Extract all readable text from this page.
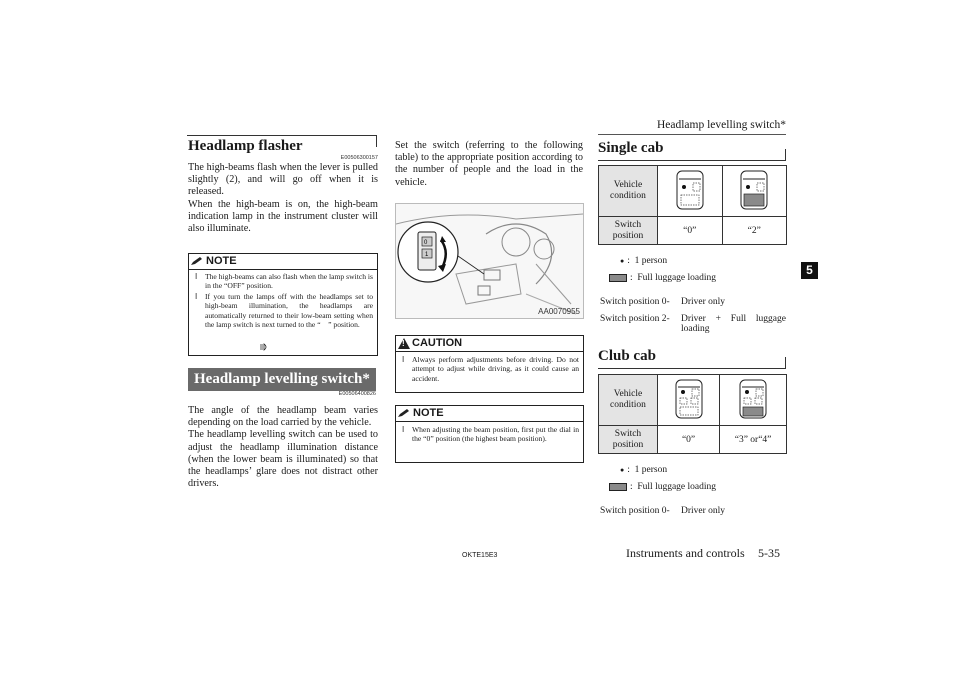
Headlamp levelling switch*
5
Headlamp flasher
E00506300157
The high-beams flash when the lever is pulled slightly (2), and will go off when it is released.
When the high-beam is on, the high-beam indication lamp in the instrument cluster will also illuminate.
NOTE
l	The high-beams can also flash when the lamp switch is in the “OFF” position.
l	If you turn the lamps off with the headlamps set to high-beam illumination, the headlamps are automatically returned to their low-beam setting when the lamp switch is next turned to the “ ” position.
Headlamp levelling switch*
E00506400826
The angle of the headlamp beam varies depending on the load carried by the vehicle.
The headlamp levelling switch can be used to adjust the headlamp illumination distance (when the lower beam is illuminated) so that the headlamps’ glare does not distract other drivers.
Set the switch (referring to the following table) to the appropriate position according to the number of people and the load in the vehicle.
0
1
AA0070955
!
CAUTION
l	Always perform adjustments before driving. Do not attempt to adjust while driving, as it could cause an accident.
NOTE
l	When adjusting the beam position, first put the dial in the “0” position (the highest beam position).
Single cab
Vehicle condition		
Switch position	“0”	“2”
● : 1 person
: Full luggage loading
Switch position 0-	Driver only
Switch position 2-	Driver + Full luggage loading
Club cab
Vehicle condition		
Switch position	“0”	“3” or“4”
● : 1 person
: Full luggage loading
Switch position 0-	Driver only
OKTE15E3	Instruments and controls 5-35
